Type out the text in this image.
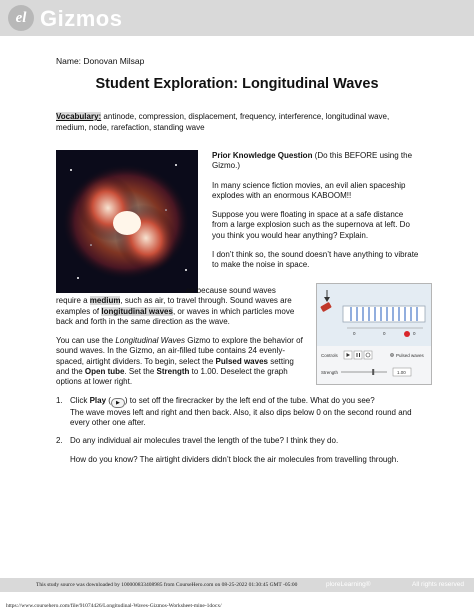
el Gizmos
Name: Donovan Milsap
Student Exploration: Longitudinal Waves
Vocabulary: antinode, compression, displacement, frequency, interference, longitudinal wave, medium, node, rarefaction, standing wave

Prior Knowledge Question (Do this BEFORE using the Gizmo.)

In many science fiction movies, an evil alien spaceship explodes with an enormous KABOOM!!

Suppose you were floating in space at a safe distance from a large explosion such as the supernova at left. Do you think you would hear anything? Explain.

I don’t think so, the sound doesn’t have anything to vibrate to make the noise in space.

ce because sound waves
require a medium, such as air, to travel through. Sound waves are examples of longitudinal waves, or waves in which particles move back and forth in the same direction as the wave.
You can use the Longitudinal Waves Gizmo to explore the behavior of sound waves. In the Gizmo, an air-filled tube contains 24 evenly-spaced, airtight dividers. To begin, select the Pulsed waves setting and the Open tube. Set the Strength to 1.00. Deselect the graph options at lower right.
0	0	0
Controls	Pulsed waves
Strength	1.00
1. Click Play ( ▶ ) to set off the firecracker by the left end of the tube. What do you see?
The wave moves left and right and then back. Also, it also dips below 0 on the second round and every other one after.
2. Do any individual air molecules travel the length of the tube? I think they do.

How do you know? The airtight dividers didn’t block the air molecules from travelling through.

This study source was downloaded by 100000833408985 from CourseHero.com on 08-25-2022 01:30:45 GMT -05:00	ploreLearning®	All rights reserved
https://www.coursehero.com/file/91074426/Longitudinal-Waves-Gizmos-Worksheet-mine-1docx/
